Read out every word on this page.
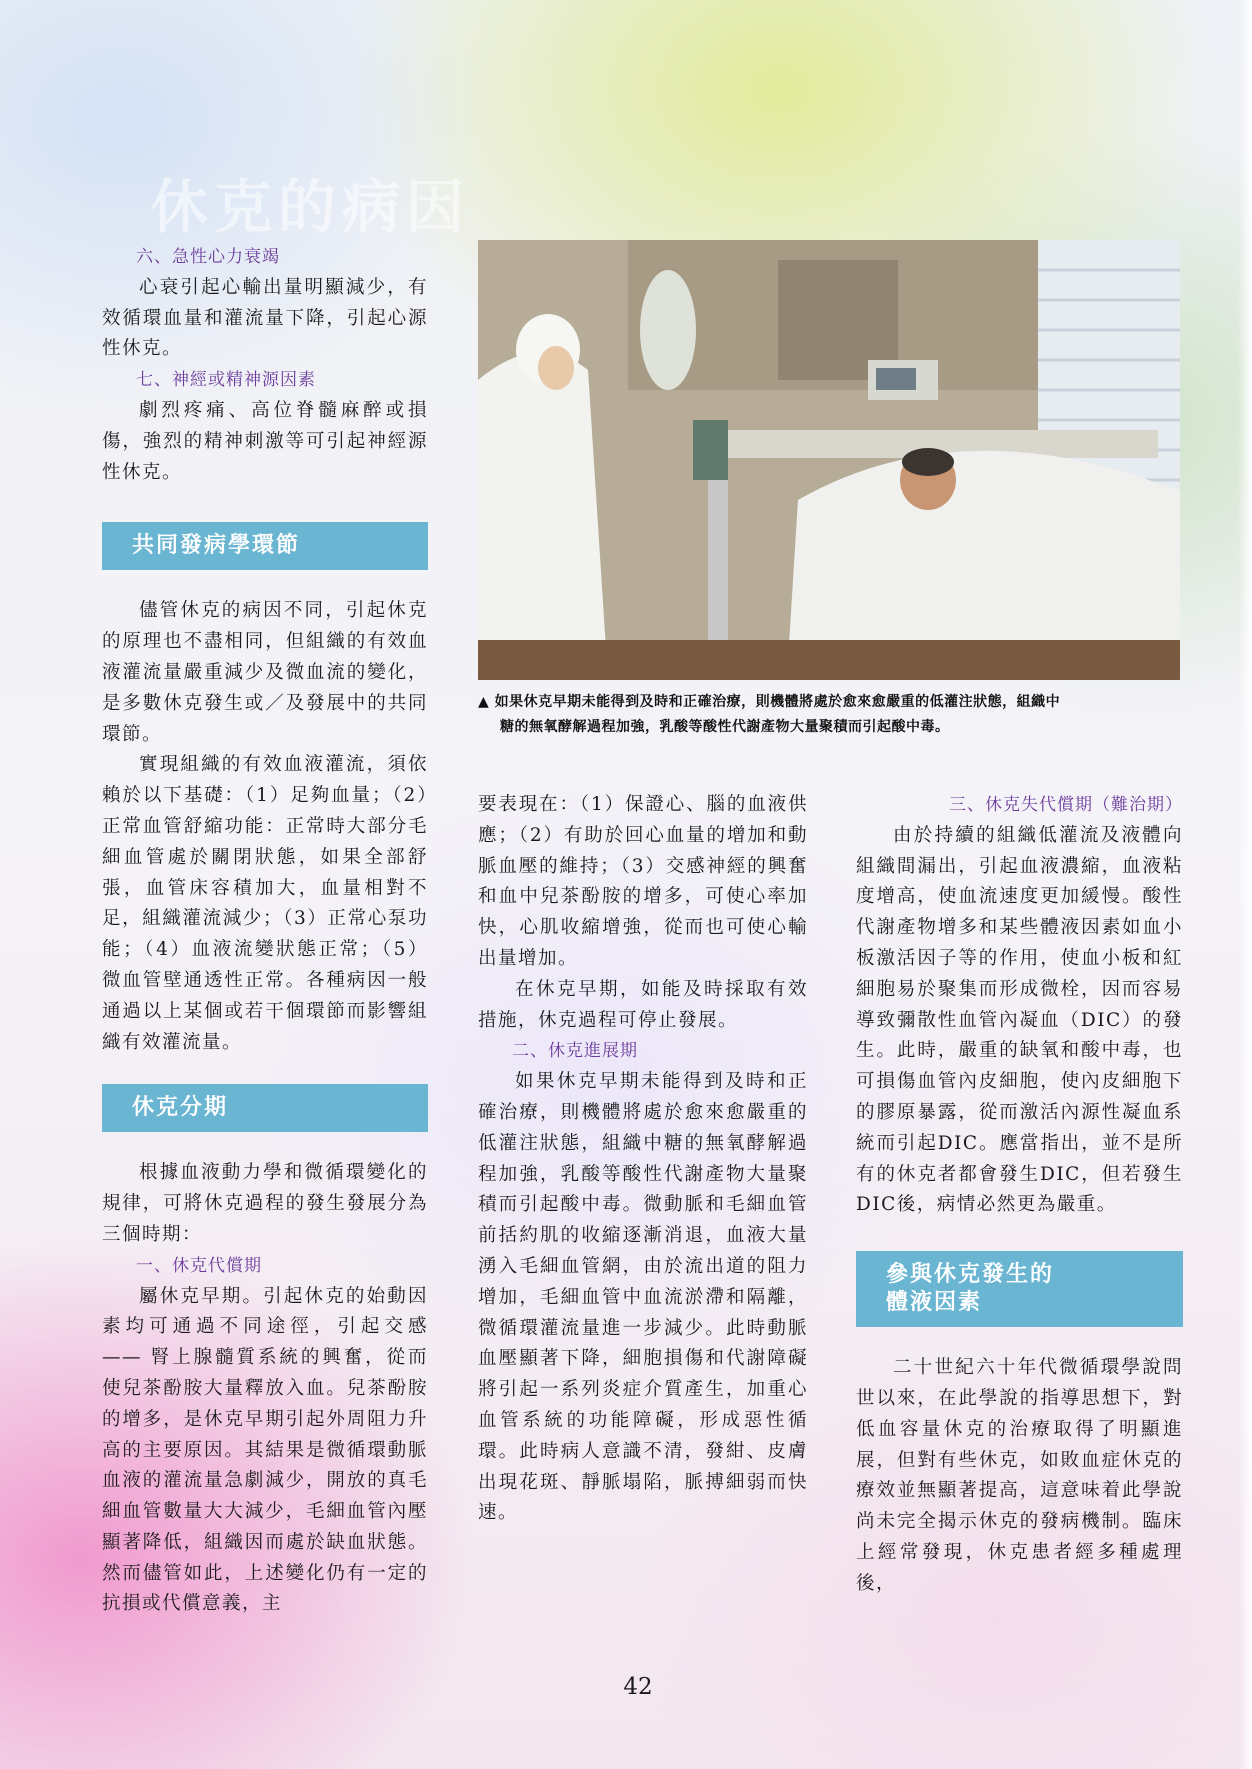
休克的病因

六、急性心力衰竭

心衰引起心輸出量明顯減少，有效循環血量和灌流量下降，引起心源性休克。

七、神經或精神源因素

劇烈疼痛、高位脊髓麻醉或損傷，強烈的精神刺激等可引起神經源性休克。

共同發病學環節

儘管休克的病因不同，引起休克的原理也不盡相同，但組織的有效血液灌流量嚴重減少及微血流的變化，是多數休克發生或／及發展中的共同環節。

實現組織的有效血液灌流，須依賴於以下基礎：（1）足夠血量；（2）正常血管舒縮功能：正常時大部分毛細血管處於關閉狀態，如果全部舒張，血管床容積加大，血量相對不足，組織灌流減少；（3）正常心泵功能；（4）血液流變狀態正常；（5）微血管壁通透性正常。各種病因一般通過以上某個或若干個環節而影響組織有效灌流量。

休克分期

根據血液動力學和微循環變化的規律，可將休克過程的發生發展分為三個時期：

一、休克代償期

屬休克早期。引起休克的始動因素均可通過不同途徑，引起交感 —— 腎上腺髓質系統的興奮，從而使兒茶酚胺大量釋放入血。兒茶酚胺的增多，是休克早期引起外周阻力升高的主要原因。其結果是微循環動脈血液的灌流量急劇減少，開放的真毛細血管數量大大減少，毛細血管內壓顯著降低，組織因而處於缺血狀態。然而儘管如此，上述變化仍有一定的抗損或代償意義，主

▲ 如果休克早期未能得到及時和正確治療，則機體將處於愈來愈嚴重的低灌注狀態，組織中
糖的無氧酵解過程加強，乳酸等酸性代謝產物大量聚積而引起酸中毒。

要表現在：（1）保證心、腦的血液供應；（2）有助於回心血量的增加和動脈血壓的維持；（3）交感神經的興奮和血中兒茶酚胺的增多，可使心率加快，心肌收縮增強，從而也可使心輸出量增加。

在休克早期，如能及時採取有效措施，休克過程可停止發展。

二、休克進展期

如果休克早期未能得到及時和正確治療，則機體將處於愈來愈嚴重的低灌注狀態，組織中糖的無氧酵解過程加強，乳酸等酸性代謝產物大量聚積而引起酸中毒。微動脈和毛細血管前括約肌的收縮逐漸消退，血液大量湧入毛細血管網，由於流出道的阻力增加，毛細血管中血流淤滯和隔離，微循環灌流量進一步減少。此時動脈血壓顯著下降，細胞損傷和代謝障礙將引起一系列炎症介質產生，加重心血管系統的功能障礙，形成惡性循環。此時病人意識不清，發紺、皮膚出現花斑、靜脈塌陷，脈搏細弱而快速。

三、休克失代償期（難治期）

由於持續的組織低灌流及液體向組織間漏出，引起血液濃縮，血液粘度增高，使血流速度更加緩慢。酸性代謝產物增多和某些體液因素如血小板激活因子等的作用，使血小板和紅細胞易於聚集而形成微栓，因而容易導致彌散性血管內凝血（DIC）的發生。此時，嚴重的缺氧和酸中毒，也可損傷血管內皮細胞，使內皮細胞下的膠原暴露，從而激活內源性凝血系統而引起DIC。應當指出，並不是所有的休克者都會發生DIC，但若發生DIC後，病情必然更為嚴重。

參與休克發生的
體液因素

二十世紀六十年代微循環學說問世以來，在此學說的指導思想下，對低血容量休克的治療取得了明顯進展，但對有些休克，如敗血症休克的療效並無顯著提高，這意味着此學說尚未完全揭示休克的發病機制。臨床上經常發現，休克患者經多種處理後，

42
